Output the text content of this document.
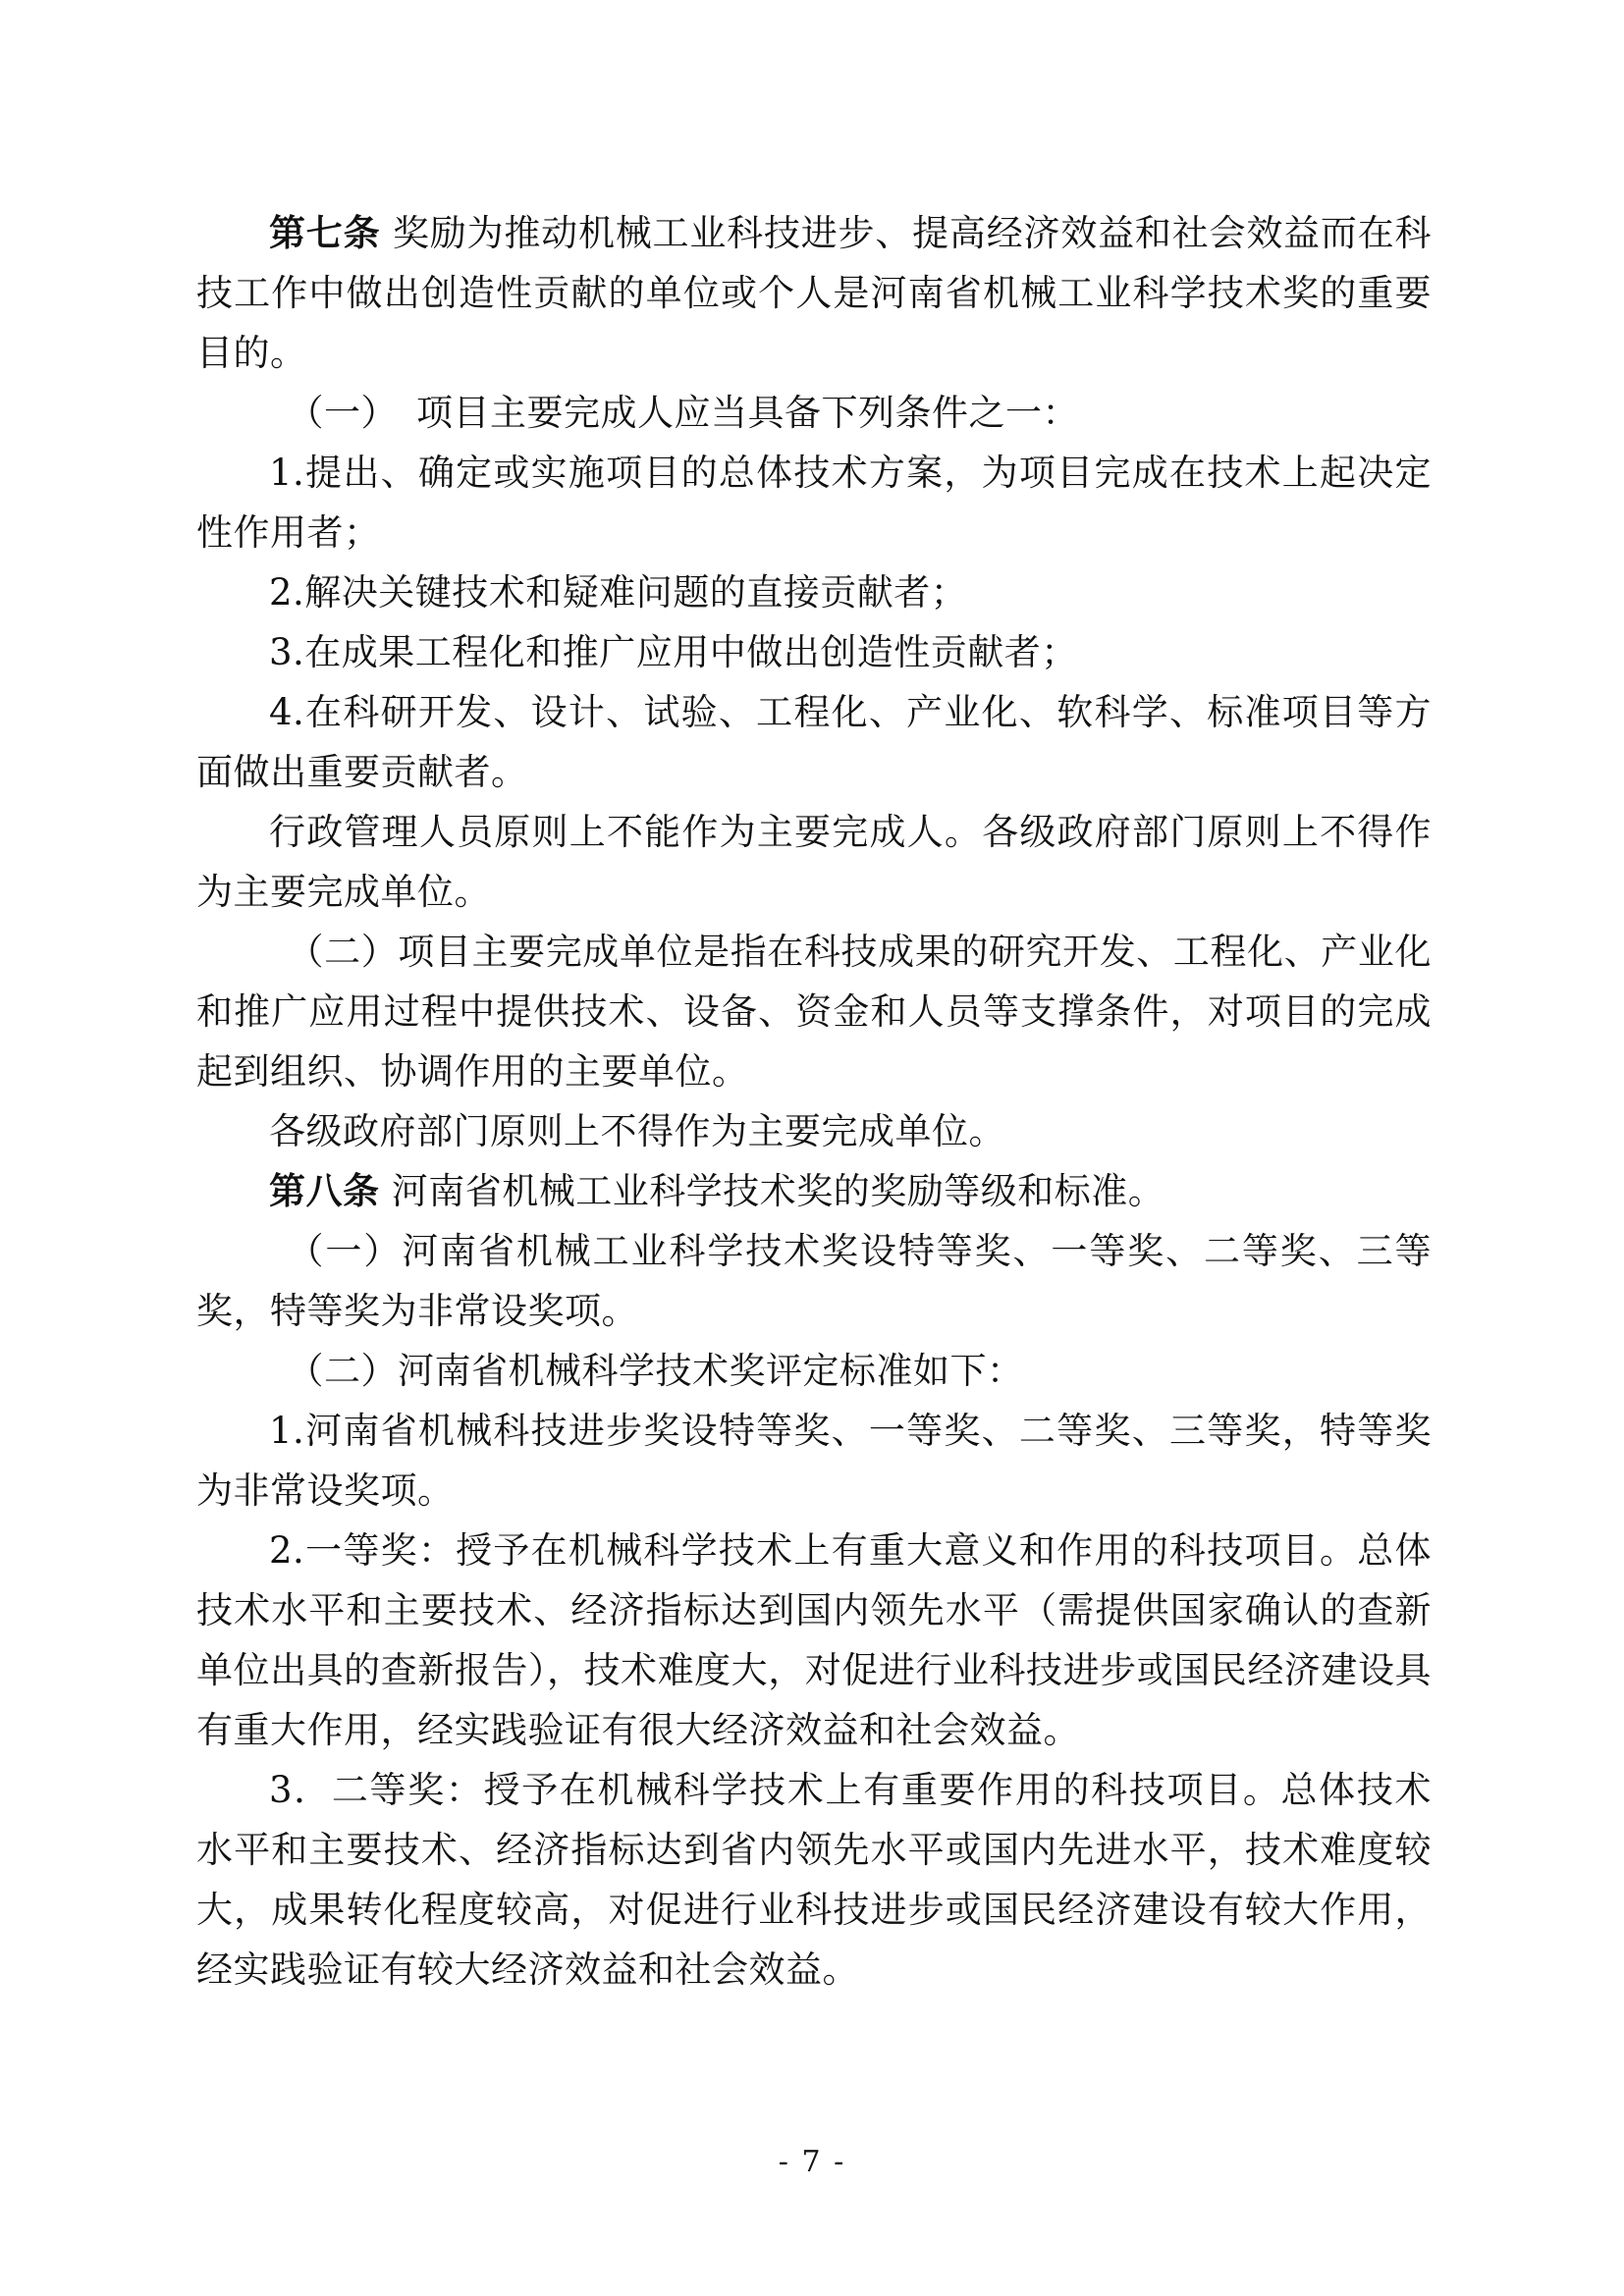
第七条 奖励为推动机械工业科技进步、提高经济效益和社会效益而在科技工作中做出创造性贡献的单位或个人是河南省机械工业科学技术奖的重要目的。

（一）　项目主要完成人应当具备下列条件之一：

1.提出、确定或实施项目的总体技术方案，为项目完成在技术上起决定性作用者；

2.解决关键技术和疑难问题的直接贡献者；

3.在成果工程化和推广应用中做出创造性贡献者；

4.在科研开发、设计、试验、工程化、产业化、软科学、标准项目等方面做出重要贡献者。

行政管理人员原则上不能作为主要完成人。各级政府部门原则上不得作为主要完成单位。

（二）项目主要完成单位是指在科技成果的研究开发、工程化、产业化和推广应用过程中提供技术、设备、资金和人员等支撑条件，对项目的完成起到组织、协调作用的主要单位。

各级政府部门原则上不得作为主要完成单位。

第八条 河南省机械工业科学技术奖的奖励等级和标准。

（一）河南省机械工业科学技术奖设特等奖、一等奖、二等奖、三等奖，特等奖为非常设奖项。

（二）河南省机械科学技术奖评定标准如下：

1.河南省机械科技进步奖设特等奖、一等奖、二等奖、三等奖，特等奖为非常设奖项。

2.一等奖：授予在机械科学技术上有重大意义和作用的科技项目。总体技术水平和主要技术、经济指标达到国内领先水平（需提供国家确认的查新单位出具的查新报告），技术难度大，对促进行业科技进步或国民经济建设具有重大作用，经实践验证有很大经济效益和社会效益。

3．二等奖：授予在机械科学技术上有重要作用的科技项目。总体技术水平和主要技术、经济指标达到省内领先水平或国内先进水平，技术难度较大，成果转化程度较高，对促进行业科技进步或国民经济建设有较大作用，经实践验证有较大经济效益和社会效益。

- 7 -
